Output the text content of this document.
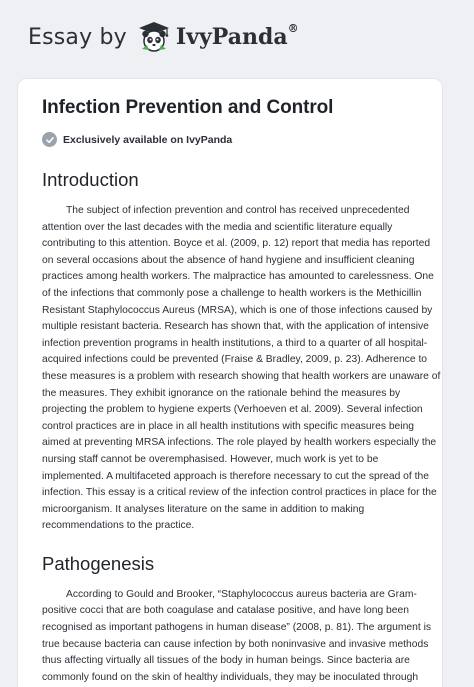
Essay by IvyPanda®
Infection Prevention and Control
Exclusively available on IvyPanda
Introduction

The subject of infection prevention and control has received unprecedented
attention over the last decades with the media and scientific literature equally
contributing to this attention. Boyce et al. (2009, p. 12) report that media has reported
on several occasions about the absence of hand hygiene and insufficient cleaning
practices among health workers. The malpractice has amounted to carelessness. One
of the infections that commonly pose a challenge to health workers is the Methicillin
Resistant Staphylococcus Aureus (MRSA), which is one of those infections caused by
multiple resistant bacteria. Research has shown that, with the application of intensive
infection prevention programs in health institutions, a third to a quarter of all hospital-
acquired infections could be prevented (Fraise & Bradley, 2009, p. 23). Adherence to
these measures is a problem with research showing that health workers are unaware of
the measures. They exhibit ignorance on the rationale behind the measures by
projecting the problem to hygiene experts (Verhoeven et al. 2009). Several infection
control practices are in place in all health institutions with specific measures being
aimed at preventing MRSA infections. The role played by health workers especially the
nursing staff cannot be overemphasised. However, much work is yet to be
implemented. A multifaceted approach is therefore necessary to cut the spread of the
infection. This essay is a critical review of the infection control practices in place for the
microorganism. It analyses literature on the same in addition to making
recommendations to the practice.

Pathogenesis

According to Gould and Brooker, “Staphylococcus aureus bacteria are Gram-
positive cocci that are both coagulase and catalase positive, and have long been
recognised as important pathogens in human disease” (2008, p. 81). The argument is
true because bacteria can cause infection by both noninvasive and invasive methods
thus affecting virtually all tissues of the body in human beings. Since bacteria are
commonly found on the skin of healthy individuals, they may be inoculated through
